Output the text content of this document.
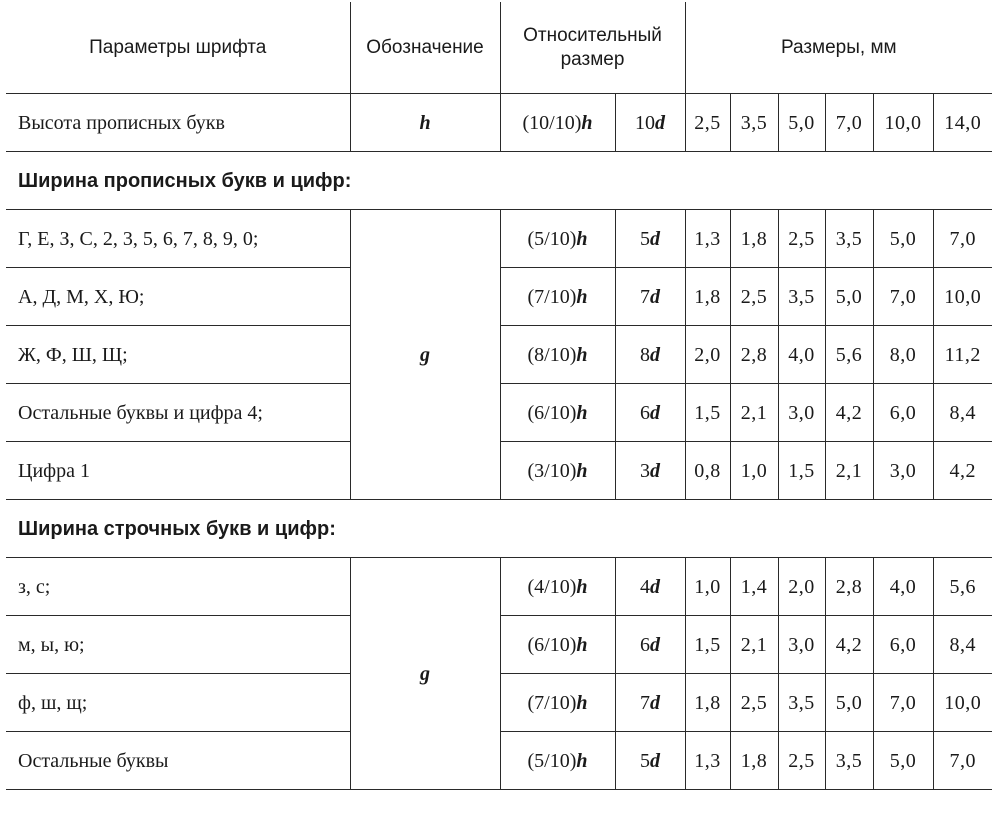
Параметры шрифта	Обозначение	Относительный
размер		Размеры, мм					
Высота прописных букв	h	(10/10)h	10d	2,5	3,5	5,0	7,0	10,0	14,0
Ширина прописных букв и цифр:									
Г, Е, З, С, 2, 3, 5, 6, 7, 8, 9, 0;	g	(5/10)h	5d	1,3	1,8	2,5	3,5	5,0	7,0
А, Д, М, Х, Ю;		(7/10)h	7d	1,8	2,5	3,5	5,0	7,0	10,0
Ж, Ф, Ш, Щ;		(8/10)h	8d	2,0	2,8	4,0	5,6	8,0	11,2
Остальные буквы и цифра 4;		(6/10)h	6d	1,5	2,1	3,0	4,2	6,0	8,4
Цифра 1		(3/10)h	3d	0,8	1,0	1,5	2,1	3,0	4,2
Ширина строчных букв и цифр:									
з, с;	g	(4/10)h	4d	1,0	1,4	2,0	2,8	4,0	5,6
м, ы, ю;		(6/10)h	6d	1,5	2,1	3,0	4,2	6,0	8,4
ф, ш, щ;		(7/10)h	7d	1,8	2,5	3,5	5,0	7,0	10,0
Остальные буквы		(5/10)h	5d	1,3	1,8	2,5	3,5	5,0	7,0
